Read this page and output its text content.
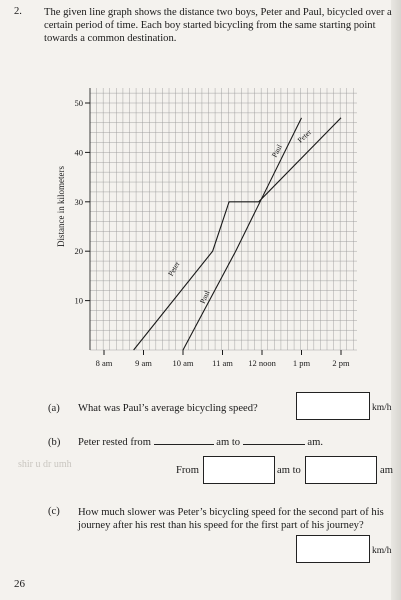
2. The given line graph shows the distance two boys, Peter and Paul, bicycled over a certain period of time. Each boy started bicycling from the same starting point towards a common destination.
10
20
30
40
50
8 am	9 am 10 am 11 am 12 noon 1 pm	2 pm
Peter
Peter
Paul
Paul
Distance in kilometers
(a) What was Paul’s average bicycling speed?	km/h
(b) Peter rested from	am to	am.
shir u dr umh
From	am to	am
(c) How much slower was Peter’s bicycling speed for the second part of his journey after his rest than his speed for the first part of his journey?
km/h
26
